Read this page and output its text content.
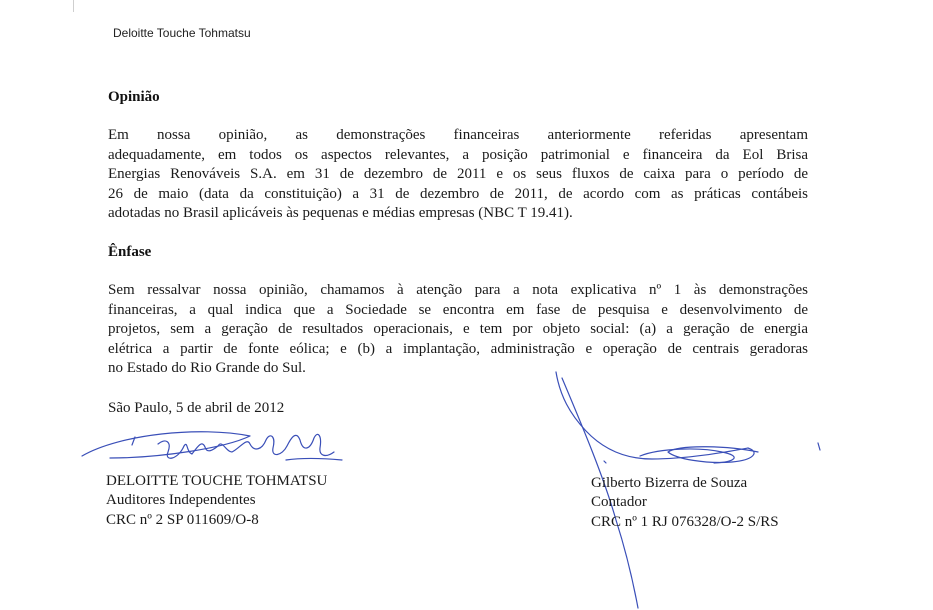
Deloitte Touche Tohmatsu
Opinião
Em nossa opinião, as demonstrações financeiras anteriormente referidas apresentam
adequadamente, em todos os aspectos relevantes, a posição patrimonial e financeira da Eol Brisa
Energias Renováveis S.A. em 31 de dezembro de 2011 e os seus fluxos de caixa para o período de
26 de maio (data da constituição) a 31 de dezembro de 2011, de acordo com as práticas contábeis
adotadas no Brasil aplicáveis às pequenas e médias empresas (NBC T 19.41).
Ênfase
Sem ressalvar nossa opinião, chamamos à atenção para a nota explicativa nº 1 às demonstrações
financeiras, a qual indica que a Sociedade se encontra em fase de pesquisa e desenvolvimento de
projetos, sem a geração de resultados operacionais, e tem por objeto social: (a) a geração de energia
elétrica a partir de fonte eólica; e (b) a implantação, administração e operação de centrais geradoras
no Estado do Rio Grande do Sul.
São Paulo, 5 de abril de 2012
DELOITTE TOUCHE TOHMATSU
Auditores Independentes
CRC nº 2 SP 011609/O-8
Gilberto Bizerra de Souza
Contador
CRC nº 1 RJ 076328/O-2 S/RS
